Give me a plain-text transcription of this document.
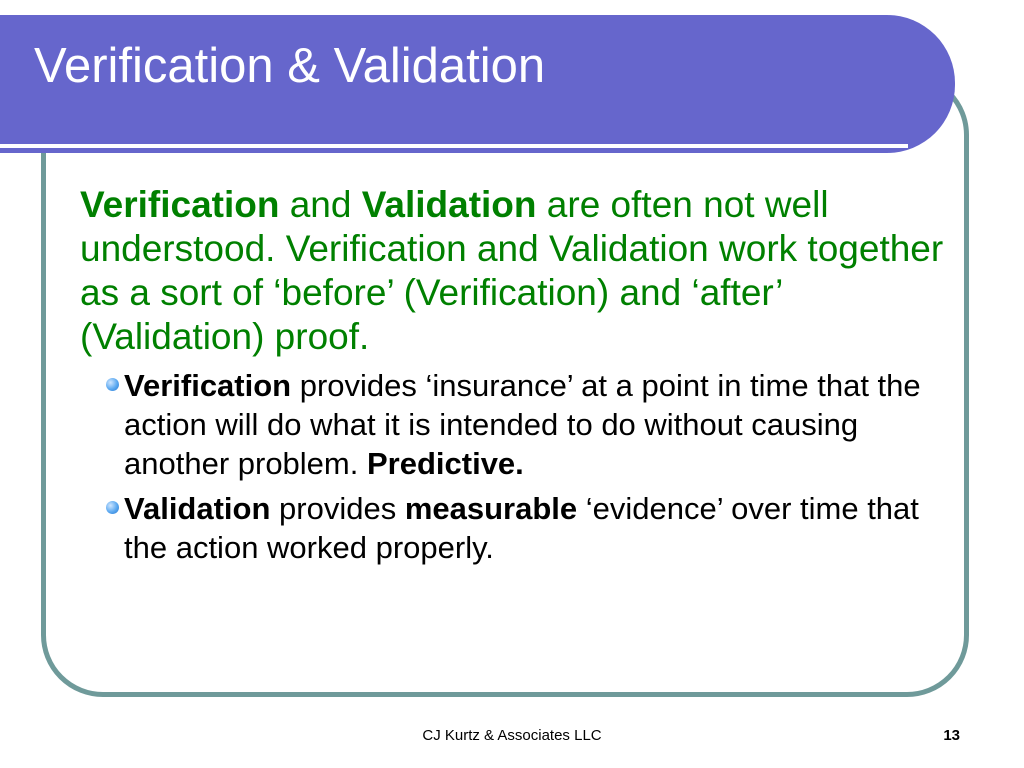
Verification & Validation

Verification and Validation are often not well understood. Verification and Validation work together as a sort of ‘before’ (Verification) and ‘after’ (Validation) proof.

Verification provides ‘insurance’ at a point in time that the action will do what it is intended to do without causing another problem. Predictive.
Validation provides measurable ‘evidence’ over time that the action worked properly.
CJ Kurtz & Associates LLC	13
